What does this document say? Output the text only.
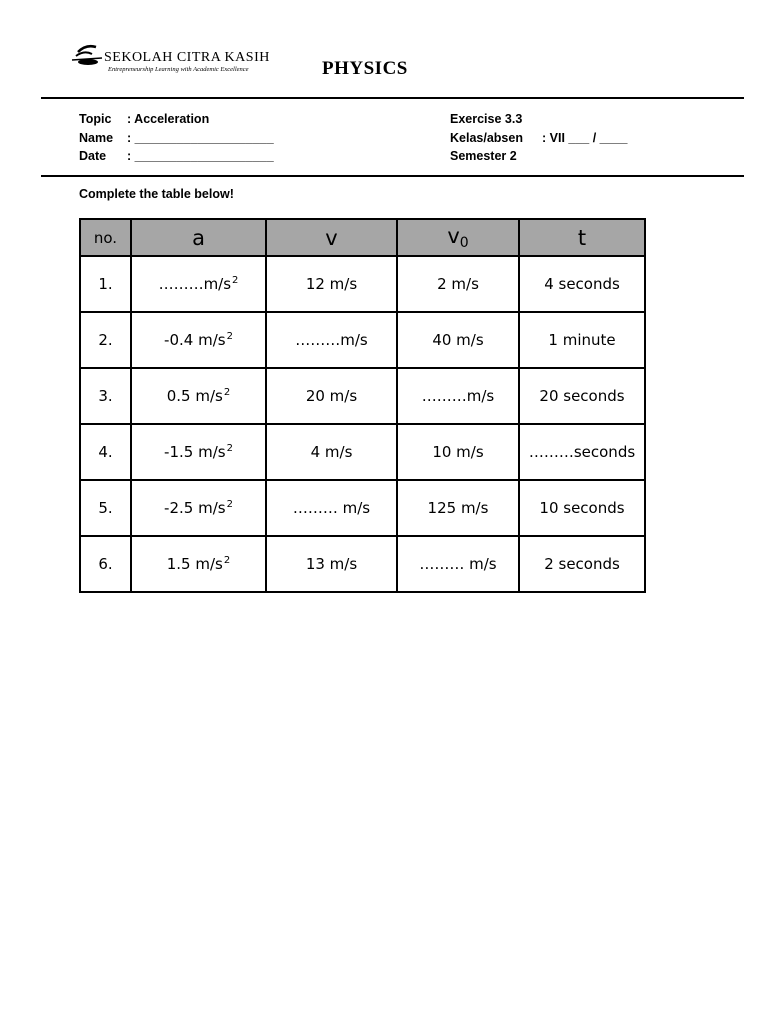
SEKOLAH CITRA KASIH
Entrepreneurship Learning with Academic Excellence	PHYSICS
Topic : Acceleration
Name : ____________________
Date : ____________________
Exercise 3.3
Kelas/absen : VII ___ / ____
Semester 2
Complete the table below!
no.	a	v	$v_0$	t
1.	$\dots\dots\dots m/s^2$	12 m/s	2 m/s	4 seconds
2.	-0.4 $m/s^2$	………m/s	40 m/s	1 minute
3.	0.5 $m/s^2$	20 m/s	………m/s	20 seconds
4.	-1.5 $m/s^2$	4 m/s	10 m/s	………seconds
5.	-2.5 $m/s^2$	……… m/s	125 m/s	10 seconds
6.	1.5 $m/s^2$	13 m/s	……… m/s	2 seconds
